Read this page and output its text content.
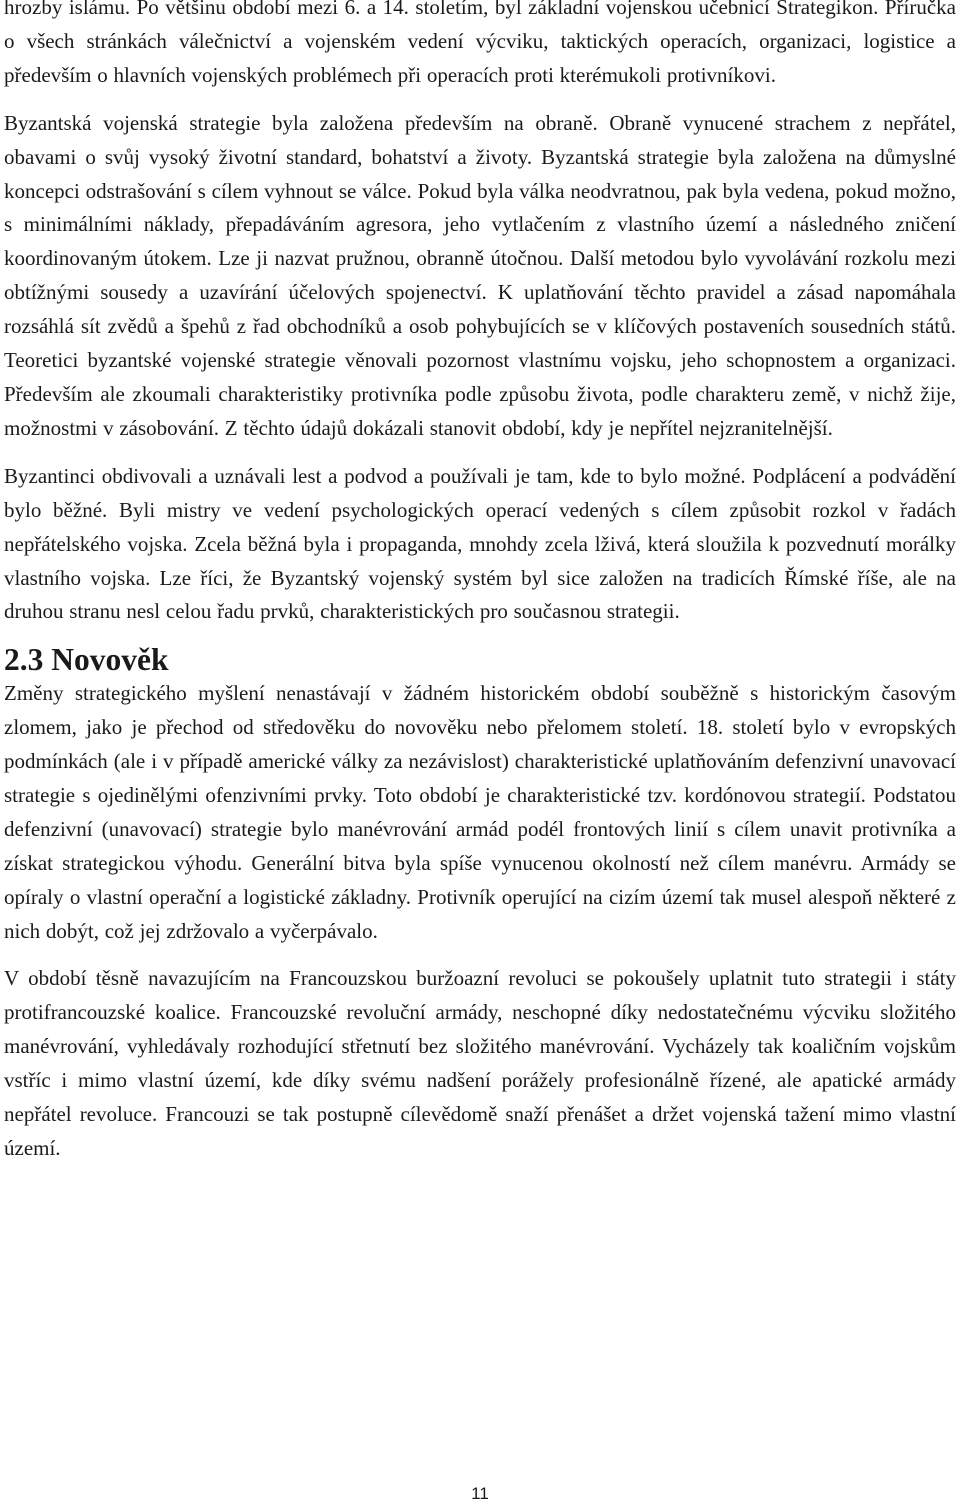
hrozby islámu. Po většinu období mezi 6. a 14. stoletím, byl základní vojenskou učebnicí Strategikon. Příručka o všech stránkách válečnictví a vojenském vedení výcviku, taktických operacích, organizaci, logistice a především o hlavních vojenských problémech při operacích proti kterémukoli protivníkovi.

Byzantská vojenská strategie byla založena především na obraně. Obraně vynucené strachem z nepřátel, obavami o svůj vysoký životní standard, bohatství a životy. Byzantská strategie byla založena na důmyslné koncepci odstrašování s cílem vyhnout se válce. Pokud byla válka neodvratnou, pak byla vedena, pokud možno, s minimálními náklady, přepadáváním agresora, jeho vytlačením z vlastního území a následného zničení koordinovaným útokem. Lze ji nazvat pružnou, obranně útočnou. Další metodou bylo vyvolávání rozkolu mezi obtížnými sousedy a uzavírání účelových spojenectví. K uplatňování těchto pravidel a zásad napomáhala rozsáhlá sít zvědů a špehů z řad obchodníků a osob pohybujících se v klíčových postaveních sousedních států. Teoretici byzantské vojenské strategie věnovali pozornost vlastnímu vojsku, jeho schopnostem a organizaci. Především ale zkoumali charakteristiky protivníka podle způsobu života, podle charakteru země, v nichž žije, možnostmi v zásobování. Z těchto údajů dokázali stanovit období, kdy je nepřítel nejzranitelnější.

Byzantinci obdivovali a uznávali lest a podvod a používali je tam, kde to bylo možné. Podplácení a podvádění bylo běžné. Byli mistry ve vedení psychologických operací vedených s cílem způsobit rozkol v řadách nepřátelského vojska. Zcela běžná byla i propaganda, mnohdy zcela lživá, která sloužila k pozvednutí morálky vlastního vojska. Lze říci, že Byzantský vojenský systém byl sice založen na tradicích Římské říše, ale na druhou stranu nesl celou řadu prvků, charakteristických pro současnou strategii.

2.3 Novověk

Změny strategického myšlení nenastávají v žádném historickém období souběžně s historickým časovým zlomem, jako je přechod od středověku do novověku nebo přelomem století. 18. století bylo v evropských podmínkách (ale i v případě americké války za nezávislost) charakteristické uplatňováním defenzivní unavovací strategie s ojedinělými ofenzivními prvky. Toto období je charakteristické tzv. kordónovou strategií. Podstatou defenzivní (unavovací) strategie bylo manévrování armád podél frontových linií s cílem unavit protivníka a získat strategickou výhodu. Generální bitva byla spíše vynucenou okolností než cílem manévru. Armády se opíraly o vlastní operační a logistické základny. Protivník operující na cizím území tak musel alespoň některé z nich dobýt, což jej zdržovalo a vyčerpávalo.

V období těsně navazujícím na Francouzskou buržoazní revoluci se pokoušely uplatnit tuto strategii i státy protifrancouzské koalice. Francouzské revoluční armády, neschopné díky nedostatečnému výcviku složitého manévrování, vyhledávaly rozhodující střetnutí bez složitého manévrování. Vycházely tak koaličním vojskům vstříc i mimo vlastní území, kde díky svému nadšení porážely profesionálně řízené, ale apatické armády nepřátel revoluce. Francouzi se tak postupně cílevědomě snaží přenášet a držet vojenská tažení mimo vlastní území.

11
